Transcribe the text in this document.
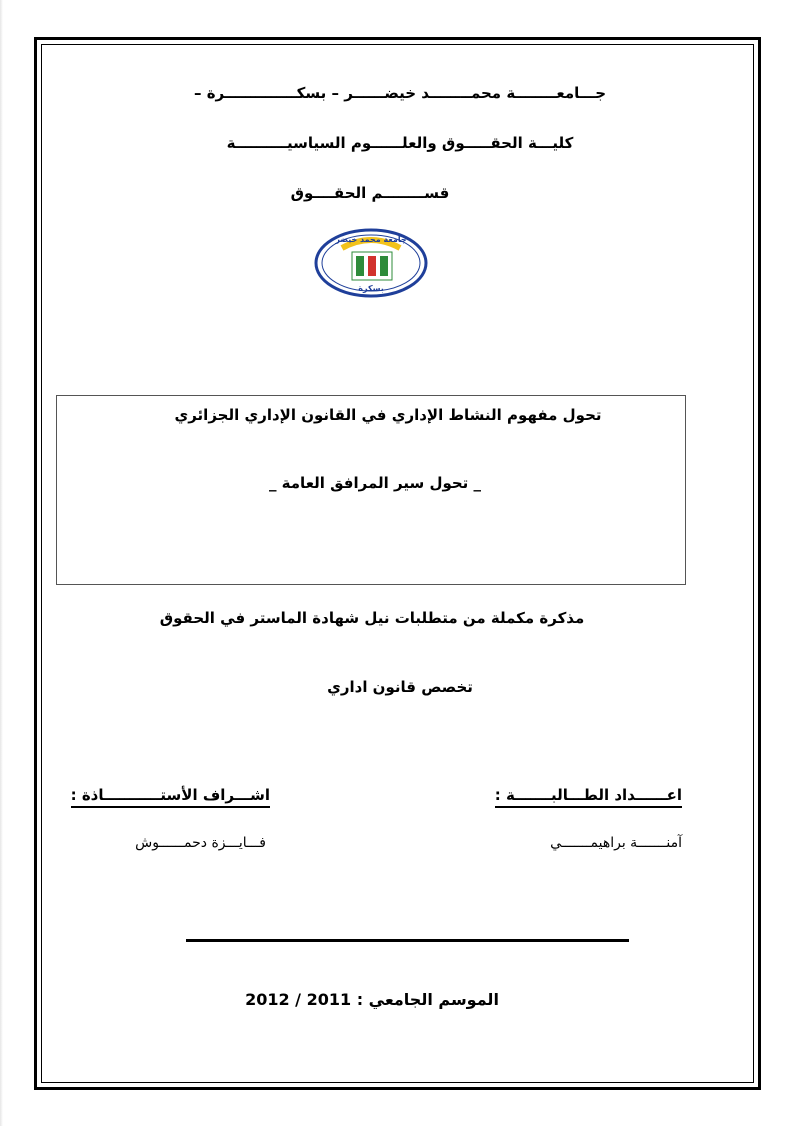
جـــامعــــــــة محمــــــــد خيضــــــر – بسكــــــــــــــرة –
كليـــة الحقـــــوق والعلــــــوم السياسيــــــــــة
قســــــــم الحقــــوق
جامعة محمد خيضر
بسكرة
تحول مفهوم النشاط الإداري في القانون الإداري الجزائري
_ تحول سير المرافق العامة _
مذكرة مكملة من متطلبات نيل شهادة الماستر في الحقوق
تخصص قانون اداري
اعــــــداد الطـــالبـــــــة :
اشـــراف الأستـــــــــــاذة :
آمنـــــــة براهيمـــــــي
فـــايـــزة دحمــــــوش
الموسم الجامعي : 2011 / 2012
